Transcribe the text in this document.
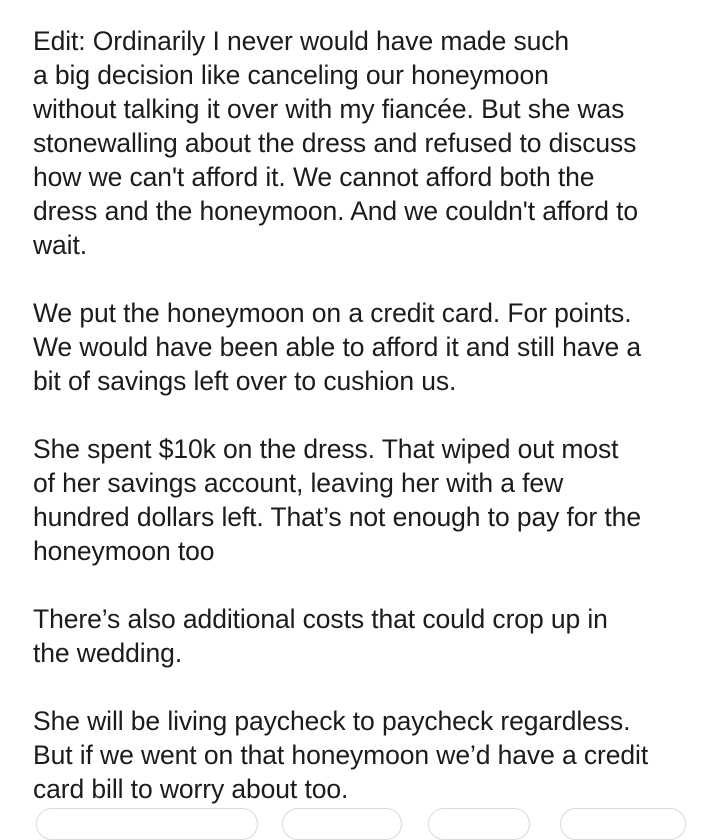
Edit: Ordinarily I never would have made such
a big decision like canceling our honeymoon
without talking it over with my fiancée. But she was
stonewalling about the dress and refused to discuss
how we can't afford it. We cannot afford both the
dress and the honeymoon. And we couldn't afford to
wait.

We put the honeymoon on a credit card. For points.
We would have been able to afford it and still have a
bit of savings left over to cushion us.

She spent $10k on the dress. That wiped out most
of her savings account, leaving her with a few
hundred dollars left. That’s not enough to pay for the
honeymoon too

There’s also additional costs that could crop up in
the wedding.

She will be living paycheck to paycheck regardless.
But if we went on that honeymoon we’d have a credit
card bill to worry about too.
